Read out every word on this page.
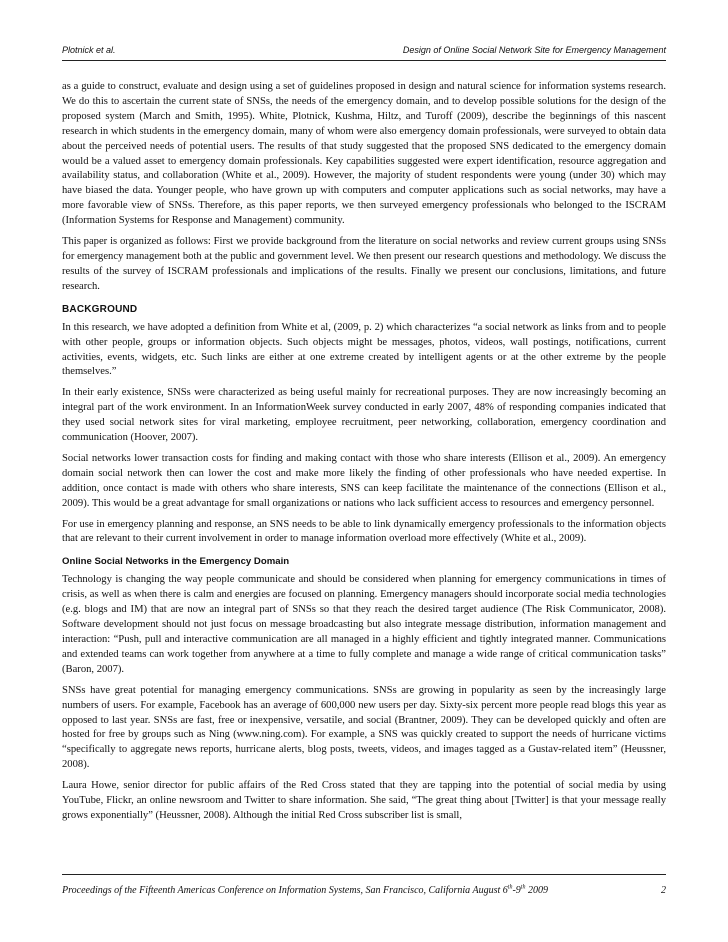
Plotnick et al.	Design of Online Social Network Site for Emergency Management

as a guide to construct, evaluate and design using a set of guidelines proposed in design and natural science for information systems research. We do this to ascertain the current state of SNSs, the needs of the emergency domain, and to develop possible solutions for the design of the proposed system (March and Smith, 1995). White, Plotnick, Kushma, Hiltz, and Turoff (2009), describe the beginnings of this nascent research in which students in the emergency domain, many of whom were also emergency domain professionals, were surveyed to obtain data about the perceived needs of potential users. The results of that study suggested that the proposed SNS dedicated to the emergency domain would be a valued asset to emergency domain professionals. Key capabilities suggested were expert identification, resource aggregation and availability status, and collaboration (White et al., 2009). However, the majority of student respondents were young (under 30) which may have biased the data. Younger people, who have grown up with computers and computer applications such as social networks, may have a more favorable view of SNSs. Therefore, as this paper reports, we then surveyed emergency professionals who belonged to the ISCRAM (Information Systems for Response and Management) community.

This paper is organized as follows: First we provide background from the literature on social networks and review current groups using SNSs for emergency management both at the public and government level. We then present our research questions and methodology. We discuss the results of the survey of ISCRAM professionals and implications of the results. Finally we present our conclusions, limitations, and future research.

BACKGROUND

In this research, we have adopted a definition from White et al, (2009, p. 2) which characterizes “a social network as links from and to people with other people, groups or information objects. Such objects might be messages, photos, videos, wall postings, notifications, current activities, events, widgets, etc. Such links are either at one extreme created by intelligent agents or at the other extreme by the people themselves.”

In their early existence, SNSs were characterized as being useful mainly for recreational purposes. They are now increasingly becoming an integral part of the work environment. In an InformationWeek survey conducted in early 2007, 48% of responding companies indicated that they used social network sites for viral marketing, employee recruitment, peer networking, collaboration, emergency coordination and communication (Hoover, 2007).

Social networks lower transaction costs for finding and making contact with those who share interests (Ellison et al., 2009). An emergency domain social network then can lower the cost and make more likely the finding of other professionals who have needed expertise. In addition, once contact is made with others who share interests, SNS can keep facilitate the maintenance of the connections (Ellison et al., 2009). This would be a great advantage for small organizations or nations who lack sufficient access to resources and emergency personnel.

For use in emergency planning and response, an SNS needs to be able to link dynamically emergency professionals to the information objects that are relevant to their current involvement in order to manage information overload more effectively (White et al., 2009).

Online Social Networks in the Emergency Domain

Technology is changing the way people communicate and should be considered when planning for emergency communications in times of crisis, as well as when there is calm and energies are focused on planning. Emergency managers should incorporate social media technologies (e.g. blogs and IM) that are now an integral part of SNSs so that they reach the desired target audience (The Risk Communicator, 2008). Software development should not just focus on message broadcasting but also integrate message distribution, information management and interaction: “Push, pull and interactive communication are all managed in a highly efficient and tightly integrated manner. Communications and extended teams can work together from anywhere at a time to fully complete and manage a wide range of critical communication tasks” (Baron, 2007).

SNSs have great potential for managing emergency communications. SNSs are growing in popularity as seen by the increasingly large numbers of users. For example, Facebook has an average of 600,000 new users per day. Sixty-six percent more people read blogs this year as opposed to last year. SNSs are fast, free or inexpensive, versatile, and social (Brantner, 2009). They can be developed quickly and often are hosted for free by groups such as Ning (www.ning.com). For example, a SNS was quickly created to support the needs of hurricane victims “specifically to aggregate news reports, hurricane alerts, blog posts, tweets, videos, and images tagged as a Gustav-related item” (Heussner, 2008).

Laura Howe, senior director for public affairs of the Red Cross stated that they are tapping into the potential of social media by using YouTube, Flickr, an online newsroom and Twitter to share information. She said, “The great thing about [Twitter] is that your message really grows exponentially” (Heussner, 2008). Although the initial Red Cross subscriber list is small,

Proceedings of the Fifteenth Americas Conference on Information Systems, San Francisco, California August 6th-9th 2009	2
